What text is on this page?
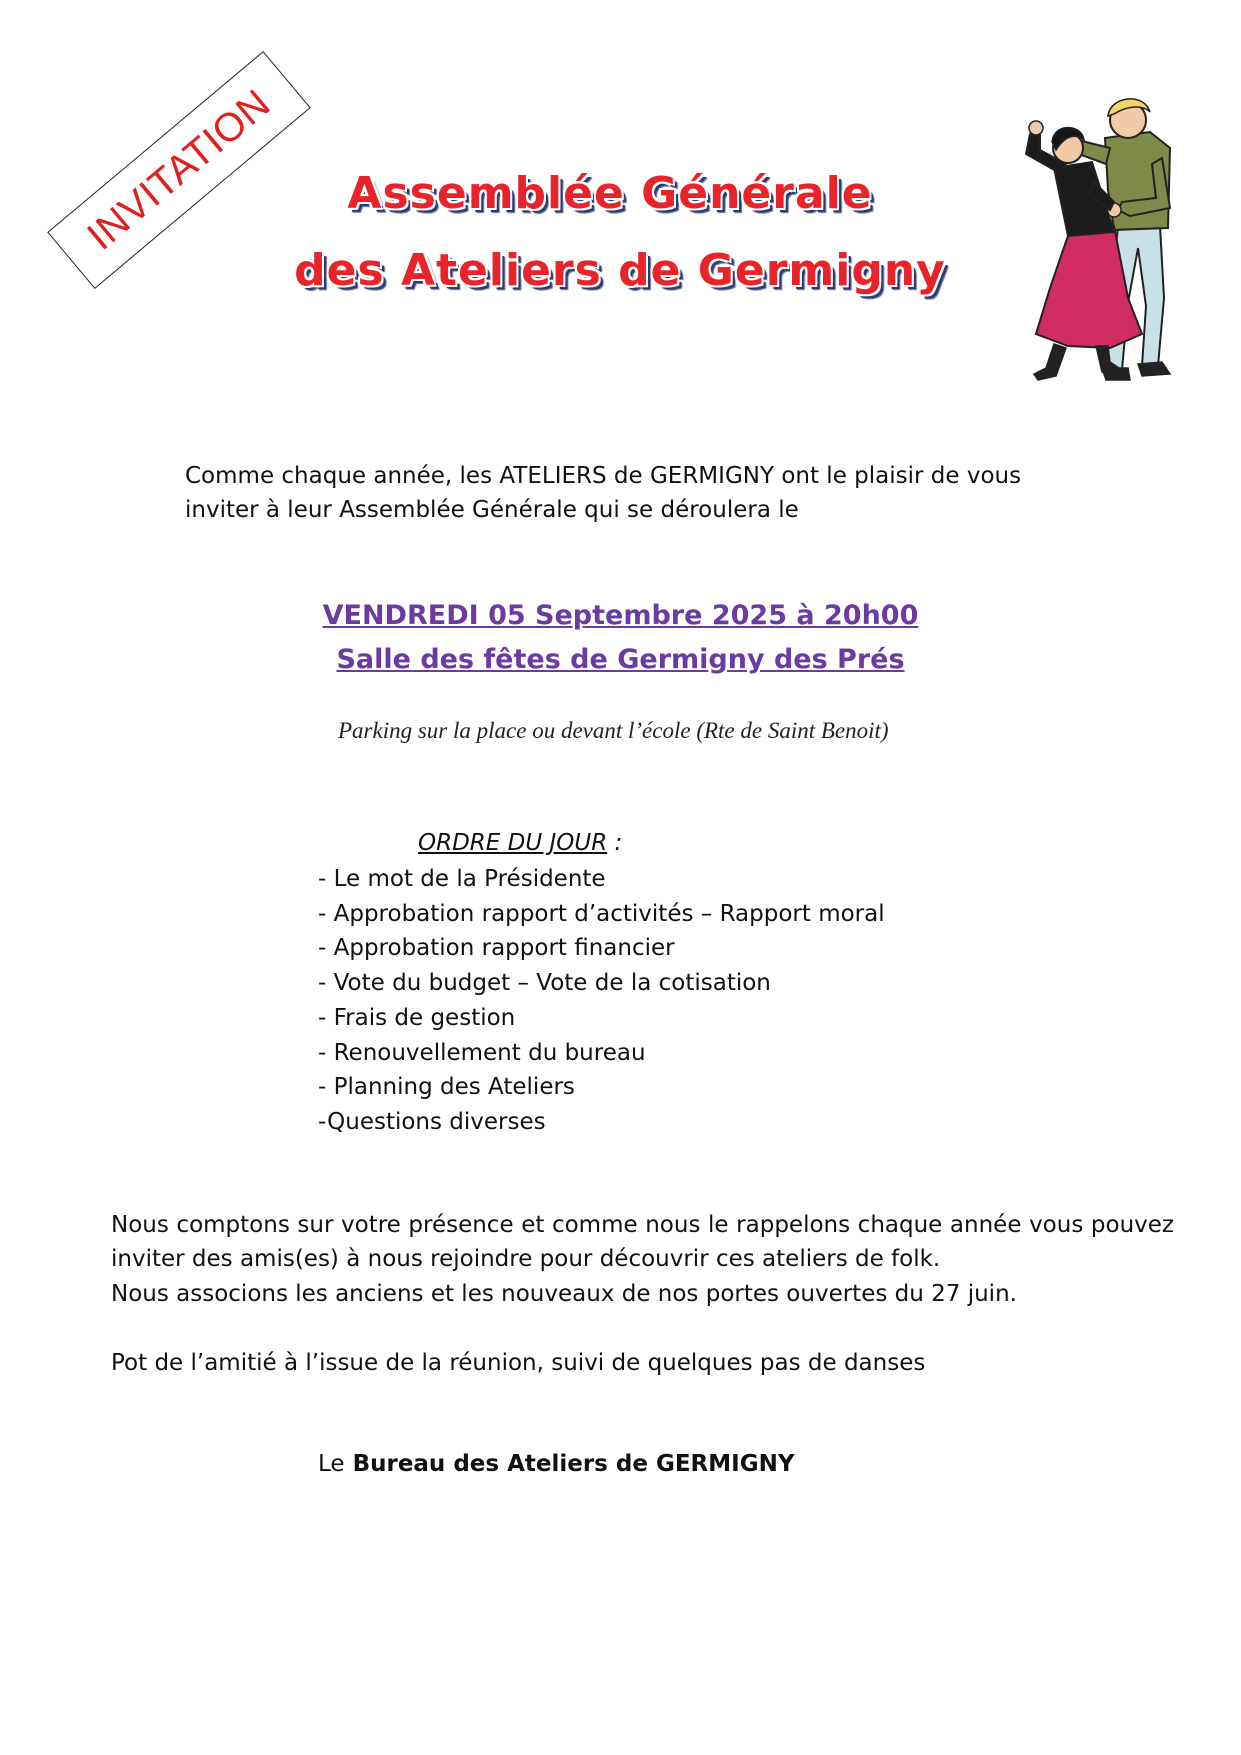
INVITATION	Assemblée Générale
des Ateliers de Germigny
Comme chaque année, les ATELIERS de GERMIGNY ont le plaisir de vous
inviter à leur Assemblée Générale qui se déroulera le
VENDREDI 05 Septembre 2025 à 20h00
Salle des fêtes de Germigny des Prés
Parking sur la place ou devant l’école (Rte de Saint Benoit)
ORDRE DU JOUR :
- Le mot de la Présidente
- Approbation rapport d’activités – Rapport moral
- Approbation rapport financier
- Vote du budget – Vote de la cotisation
- Frais de gestion
- Renouvellement du bureau
- Planning des Ateliers
-Questions diverses
Nous comptons sur votre présence et comme nous le rappelons chaque année vous pouvez
inviter des amis(es) à nous rejoindre pour découvrir ces ateliers de folk.
Nous associons les anciens et les nouveaux de nos portes ouvertes du 27 juin.
Pot de l’amitié à l’issue de la réunion, suivi de quelques pas de danses
Le Bureau des Ateliers de GERMIGNY
